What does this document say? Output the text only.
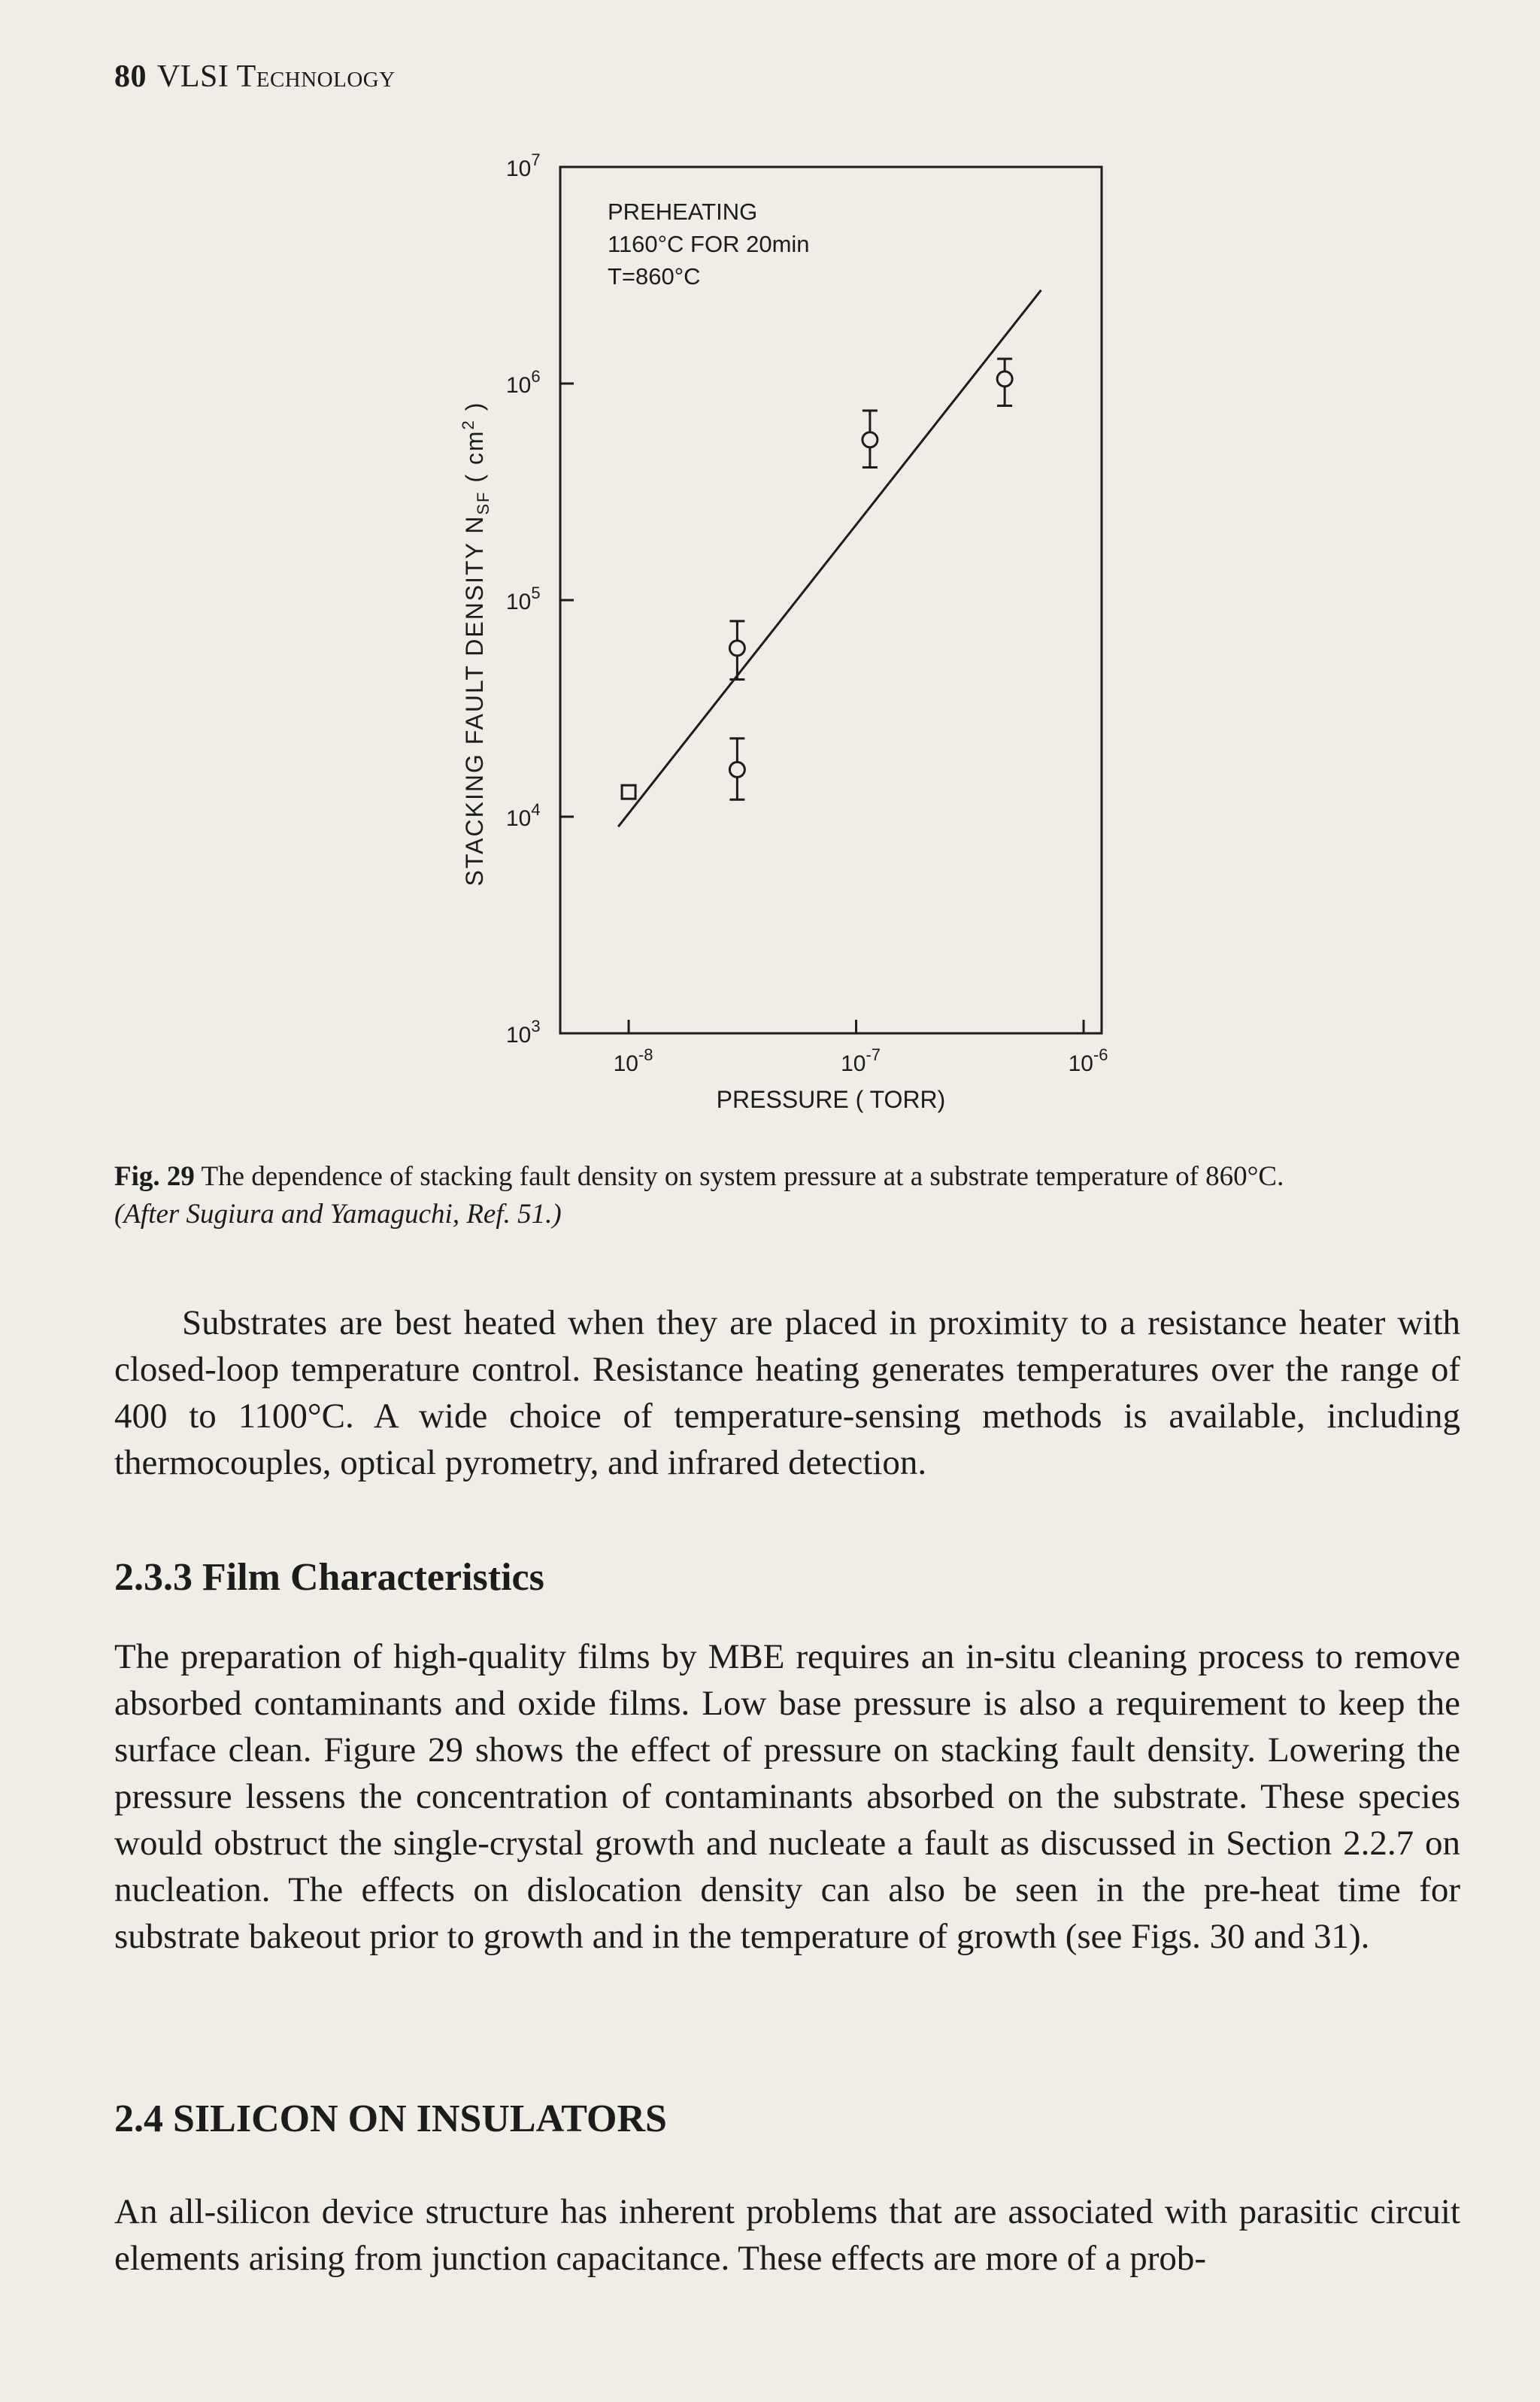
80 VLSI Technology
$10^{-8}$	$10^{-7}$	$10^{-6}$
$10^3$
$10^4$
$10^5$
$10^6$
$10^7$
PREHEATING
1160°C FOR 20min
T=860°C
PRESSURE ( TORR)
STACKING FAULT DENSITY $N_{SF}$ ( $cm^2$ )
Fig. 29 The dependence of stacking fault density on system pressure at a substrate temperature of 860°C.
(After Sugiura and Yamaguchi, Ref. 51.)

Substrates are best heated when they are placed in proximity to a resistance heater with closed-loop temperature control. Resistance heating generates temperatures over the range of 400 to 1100°C. A wide choice of temperature-sensing methods is available, including thermocouples, optical pyrometry, and infrared detection.

2.3.3 Film Characteristics

The preparation of high-quality films by MBE requires an in-situ cleaning process to remove absorbed contaminants and oxide films. Low base pressure is also a requirement to keep the surface clean. Figure 29 shows the effect of pressure on stacking fault density. Lowering the pressure lessens the concentration of contaminants absorbed on the substrate. These species would obstruct the single-crystal growth and nucleate a fault as discussed in Section 2.2.7 on nucleation. The effects on dislocation density can also be seen in the pre-heat time for substrate bakeout prior to growth and in the temperature of growth (see Figs. 30 and 31).

2.4 SILICON ON INSULATORS

An all-silicon device structure has inherent problems that are associated with parasitic circuit elements arising from junction capacitance. These effects are more of a prob-
